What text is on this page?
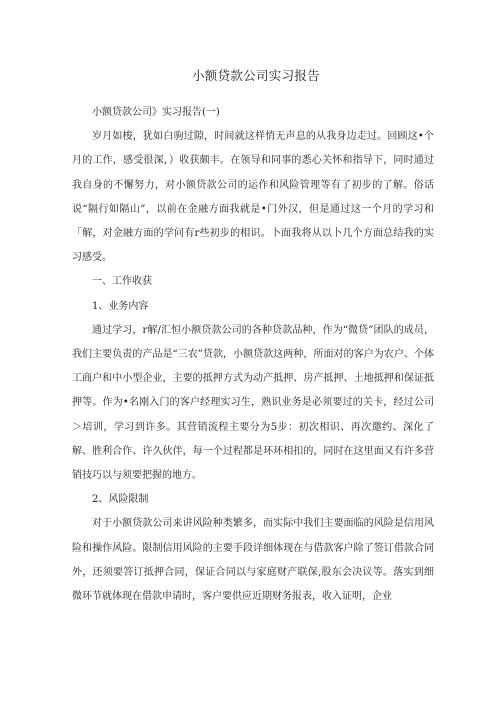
小额贷款公司实习报告

小额贷款公司》实习报告(一)

岁月如梭，犹如白驹过隙，时间就这样悄无声息的从我身边走过。回顾这•个月的工作，感受很深，）收获颇丰。在领导和同事的悉心关怀和指导下，同时通过我自身的不懈努力，对小额贷款公司的运作和风险管理等有了初步的了解。俗话说“隔行如隔山”，以前在金融方面我就是•门外汉，但是通过这一个月的学习和「解，对金融方面的学问有r些初步的相识。卜面我将从以卜几个方面总结我的实习感受。

一、工作收获

1、业务内容

通过学习，r解/汇恒小额贷款公司的各种贷款品种，作为“微贷”团队的成员，我们主要负责的产品是“三农”贷款，小额贷款这两种，所面对的客户为农户、个体工商户和中小型企业，主要的抵押方式为动产抵押、房产抵押、土地抵押和保证抵押等。作为•名刚入门的客户经理实习生，熟识业务是必须要过的关卡，经过公司＞培训，学习到许多。其营销流程主要分为5步：初次相识、再次邀约、深化了解、胜利合作、许久伙伴，每一个过程都是环环相扣的，同时在这里面又有许多营销技巧以与须要把握的地方。

2、风险限制

对于小额贷款公司来讲风险种类繁多，而实际中我们主要面临的风险是信用风险和操作风险。限制信用风险的主要手段详细体现在与借款客户除了签订借款合同外，还须要答订抵押合同，保证合同以与家庭财产联保,股东会决议等。落实到细微环节就体现在借款申请时，客户要供应近期财务报表，收入证明，企业
